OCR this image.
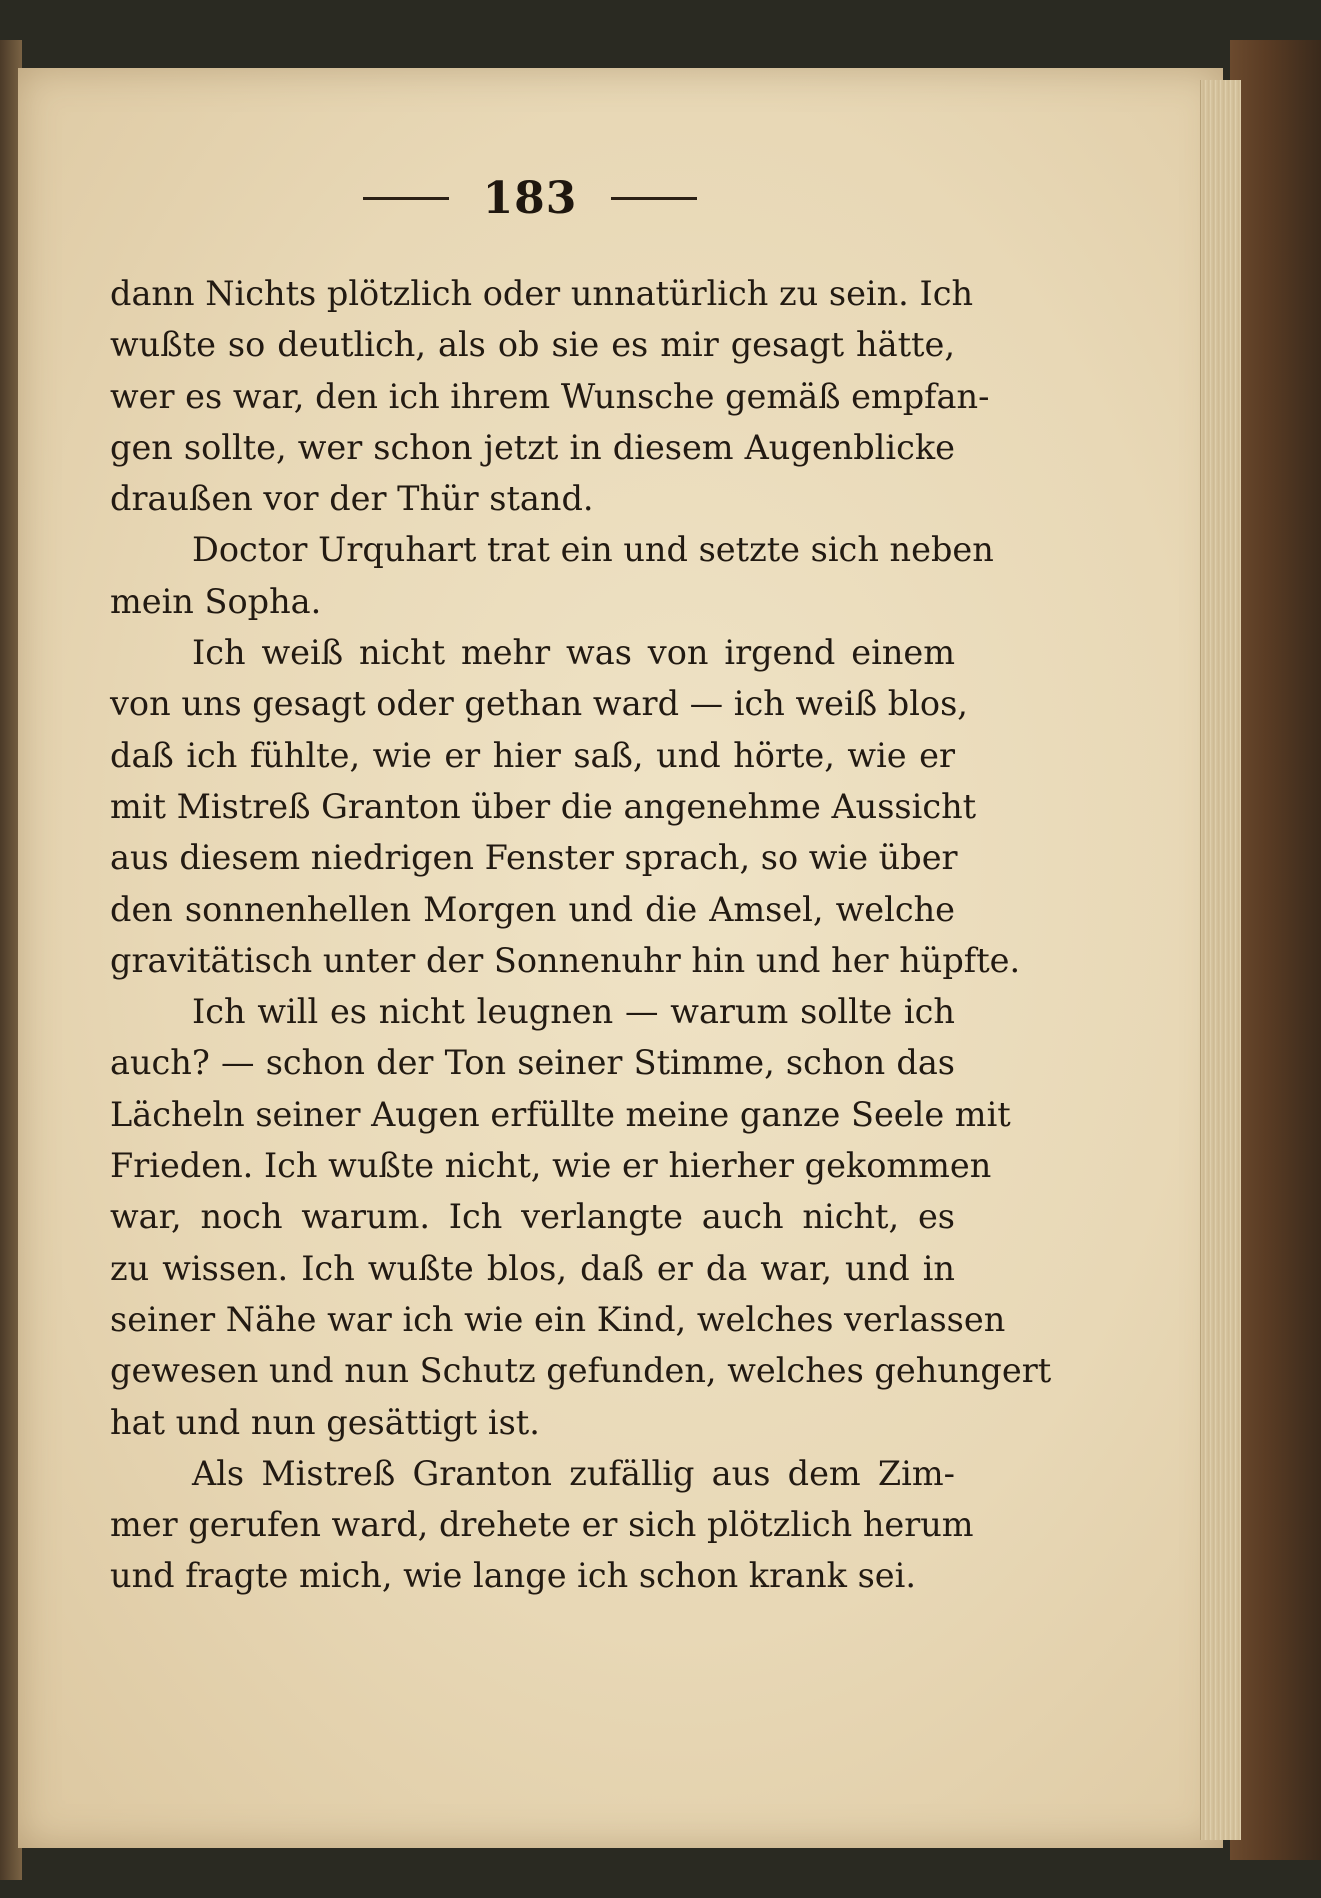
183
dann Nichts plötzlich oder unnatürlich zu sein. Ich
wußte so deutlich, als ob sie es mir gesagt hätte,
wer es war, den ich ihrem Wunsche gemäß empfan-
gen sollte, wer schon jetzt in diesem Augenblicke
draußen vor der Thür stand.
Doctor Urquhart trat ein und setzte sich neben
mein Sopha.
Ich weiß nicht mehr was von irgend einem
von uns gesagt oder gethan ward — ich weiß blos,
daß ich fühlte, wie er hier saß, und hörte, wie er
mit Mistreß Granton über die angenehme Aussicht
aus diesem niedrigen Fenster sprach, so wie über
den sonnenhellen Morgen und die Amsel, welche
gravitätisch unter der Sonnenuhr hin und her hüpfte.
Ich will es nicht leugnen — warum sollte ich
auch? — schon der Ton seiner Stimme, schon das
Lächeln seiner Augen erfüllte meine ganze Seele mit
Frieden. Ich wußte nicht, wie er hierher gekommen
war, noch warum. Ich verlangte auch nicht, es
zu wissen. Ich wußte blos, daß er da war, und in
seiner Nähe war ich wie ein Kind, welches verlassen
gewesen und nun Schutz gefunden, welches gehungert
hat und nun gesättigt ist.
Als Mistreß Granton zufällig aus dem Zim-
mer gerufen ward, drehete er sich plötzlich herum
und fragte mich, wie lange ich schon krank sei.
